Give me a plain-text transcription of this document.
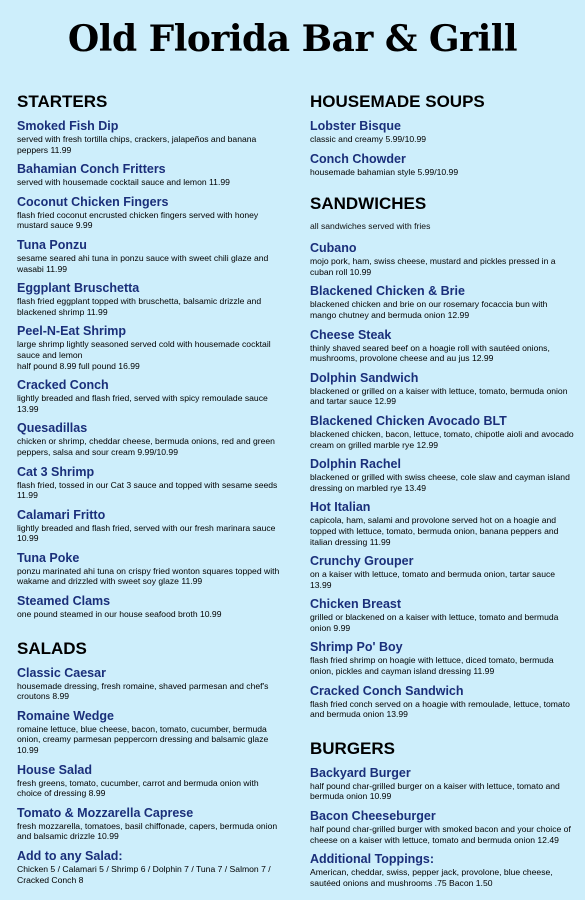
Old Florida Bar & Grill
STARTERS
Smoked Fish Dip
served with fresh tortilla chips, crackers, jalapeños and banana peppers 11.99
Bahamian Conch Fritters
served with housemade cocktail sauce and lemon 11.99
Coconut Chicken Fingers
flash fried coconut encrusted chicken fingers served with honey mustard sauce 9.99
Tuna Ponzu
sesame seared ahi tuna in ponzu sauce with sweet chili glaze and wasabi 11.99
Eggplant Bruschetta
flash fried eggplant topped with bruschetta, balsamic drizzle and blackened shrimp 11.99
Peel-N-Eat Shrimp
large shrimp lightly seasoned served cold with housemade cocktail sauce and lemon
half pound 8.99 full pound 16.99
Cracked Conch
lightly breaded and flash fried, served with spicy remoulade sauce 13.99
Quesadillas
chicken or shrimp, cheddar cheese, bermuda onions, red and green peppers, salsa and sour cream 9.99/10.99
Cat 3 Shrimp
flash fried, tossed in our Cat 3 sauce and topped with sesame seeds 11.99
Calamari Fritto
lightly breaded and flash fried, served with our fresh marinara sauce 10.99
Tuna Poke
ponzu marinated ahi tuna on crispy fried wonton squares topped with wakame and drizzled with sweet soy glaze 11.99
Steamed Clams
one pound steamed in our house seafood broth 10.99
SALADS
Classic Caesar
housemade dressing, fresh romaine, shaved parmesan and chef's croutons 8.99
Romaine Wedge
romaine lettuce, blue cheese, bacon, tomato, cucumber, bermuda onion, creamy parmesan peppercorn dressing and balsamic glaze 10.99
House Salad
fresh greens, tomato, cucumber, carrot and bermuda onion with choice of dressing 8.99
Tomato & Mozzarella Caprese
fresh mozzarella, tomatoes, basil chiffonade, capers, bermuda onion and balsamic drizzle 10.99
Add to any Salad:
Chicken 5 / Calamari 5 / Shrimp 6 / Dolphin 7 / Tuna 7 / Salmon 7 / Cracked Conch 8
HOUSEMADE SOUPS
Lobster Bisque
classic and creamy 5.99/10.99
Conch Chowder
housemade bahamian style 5.99/10.99
SANDWICHES
all sandwiches served with fries
Cubano
mojo pork, ham, swiss cheese, mustard and pickles pressed in a cuban roll 10.99
Blackened Chicken & Brie
blackened chicken and brie on our rosemary focaccia bun with mango chutney and bermuda onion 12.99
Cheese Steak
thinly shaved seared beef on a hoagie roll with sautéed onions, mushrooms, provolone cheese and au jus 12.99
Dolphin Sandwich
blackened or grilled on a kaiser with lettuce, tomato, bermuda onion and tartar sauce 12.99
Blackened Chicken Avocado BLT
blackened chicken, bacon, lettuce, tomato, chipotle aioli and avocado cream on grilled marble rye 12.99
Dolphin Rachel
blackened or grilled with swiss cheese, cole slaw and cayman island dressing on marbled rye 13.49
Hot Italian
capicola, ham, salami and provolone served hot on a hoagie and topped with lettuce, tomato, bermuda onion, banana peppers and italian dressing 11.99
Crunchy Grouper
on a kaiser with lettuce, tomato and bermuda onion, tartar sauce 13.99
Chicken Breast
grilled or blackened on a kaiser with lettuce, tomato and bermuda onion 9.99
Shrimp Po' Boy
flash fried shrimp on hoagie with lettuce, diced tomato, bermuda onion, pickles and cayman island dressing 11.99
Cracked Conch Sandwich
flash fried conch served on a hoagie with remoulade, lettuce, tomato and bermuda onion 13.99
BURGERS
Backyard Burger
half pound char-grilled burger on a kaiser with lettuce, tomato and bermuda onion 10.99
Bacon Cheeseburger
half pound char-grilled burger with smoked bacon and your choice of cheese on a kaiser with lettuce, tomato and bermuda onion 12.49
Additional Toppings:
American, cheddar, swiss, pepper jack, provolone, blue cheese, sautéed onions and mushrooms .75 Bacon 1.50
